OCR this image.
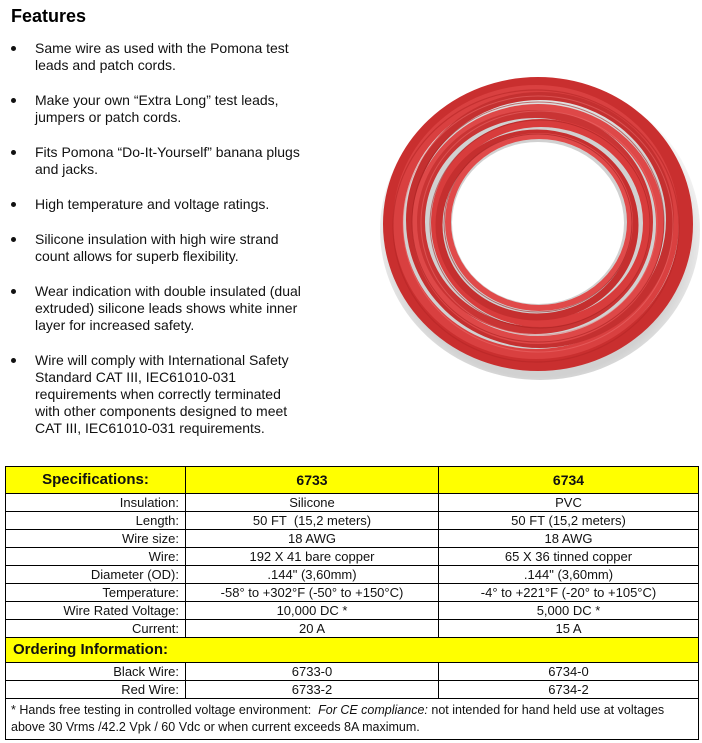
Features
Same wire as used with the Pomona test
leads and patch cords.
Make your own “Extra Long” test leads,
jumpers or patch cords.
Fits Pomona “Do-It-Yourself” banana plugs
and jacks.
High temperature and voltage ratings.
Silicone insulation with high wire strand
count allows for superb flexibility.
Wear indication with double insulated (dual
extruded) silicone leads shows white inner
layer for increased safety.
Wire will comply with International Safety
Standard CAT III, IEC61010-031
requirements when correctly terminated
with other components designed to meet
CAT III, IEC61010-031 requirements.
Specifications:	6733	6734
Insulation:	Silicone	PVC
Length:	50 FT  (15,2 meters)	50 FT (15,2 meters)
Wire size:	18 AWG	18 AWG
Wire:	192 X 41 bare copper	65 X 36 tinned copper
Diameter (OD):	.144" (3,60mm)	.144" (3,60mm)
Temperature:	-58° to +302°F (-50° to +150°C)	-4° to +221°F (-20° to +105°C)
Wire Rated Voltage:	10,000 DC *	5,000 DC *
Current:	20 A	15 A
Ordering Information:		
Black Wire:	6733-0	6734-0
Red Wire:	6733-2	6734-2
* Hands free testing in controlled voltage environment:  For CE compliance: not intended for hand held use at voltages above 30 Vrms /42.2 Vpk / 60 Vdc or when current exceeds 8A maximum.		
